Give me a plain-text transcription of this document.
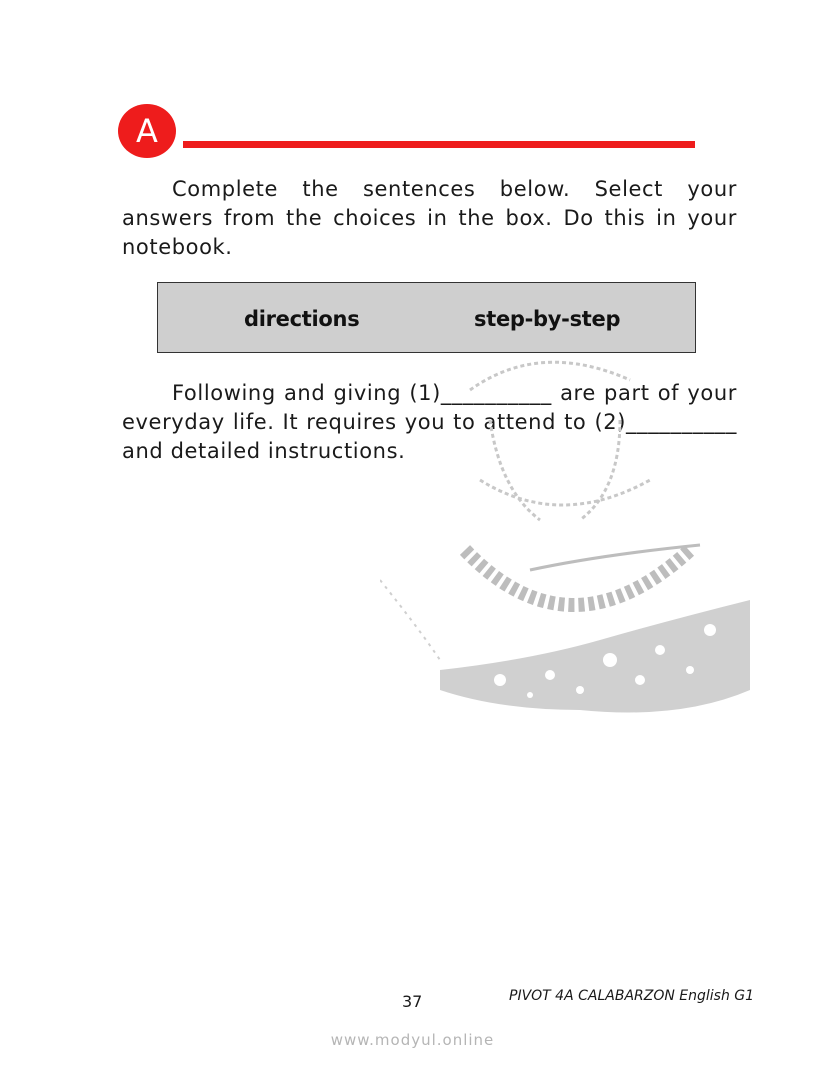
A

Complete the sentences below. Select your answers from the choices in the box. Do this in your notebook.

directions	step-by-step

Following and giving (1)__________ are part of your everyday life. It requires you to attend to (2)__________ and detailed instructions.

37	PIVOT 4A CALABARZON English G1
www.modyul.online
